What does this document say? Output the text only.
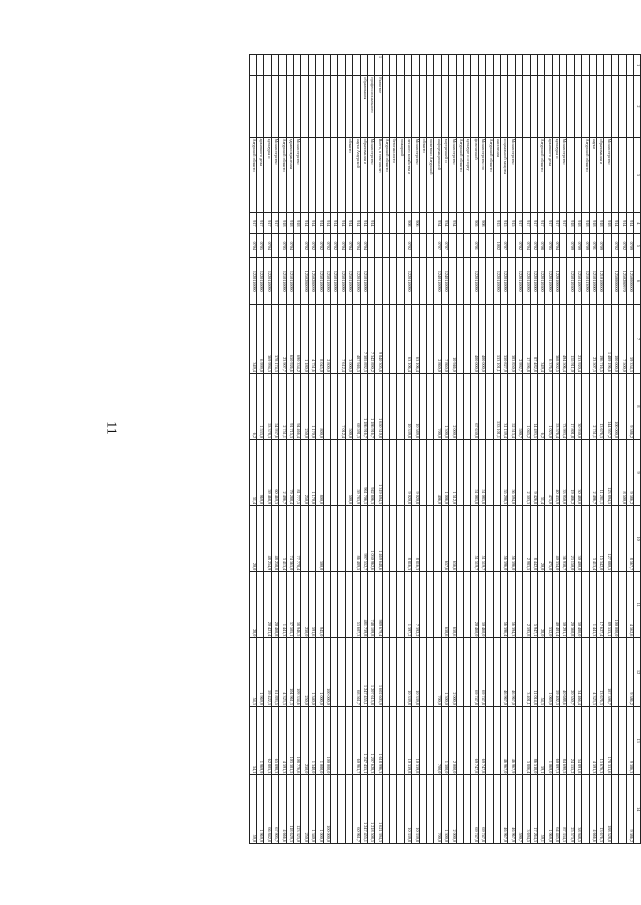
11
1	2	3	4	5	6	7	8	9	10	11	12	13	14
			914	0709	1250000000	59 334,3	9 386,2	9 386,2	8 567,7	4 562,6	9 386,2	9 386,3	9 386,2
			914	0702	1250280970	7 500,0		8 500,0					
			914	0702	1250000000	100 000,0	100 000,0			100 000,0			
		Министерство	918			1 489 196,6	144 957,2	123 894,5	127 880,5	89 553,1	187 398,7	178 331,6	188 528,8
		образования и	918	0709	1210100000	196 716,5	13 676,3	11 281,1	15 342,0	17 627,4	13 676,3	13 676,3	13 676,3
		науки	918	0701	1210110000	23 507,3	2 751,1	2 496,7	3 413,4	1 441,3	4 323,3	4 591,3	4 666,6
		Амурской области	918	0709	1210113090								
			918	0709	1250110070	233 920,4	30 930,0	30 480,0	30 400,0	30 480,0	34 466,4	34 891,8	38 948,5
			918	0709	1250110500	155 911,0	17 801,8	19 486,2	23 150,0	20 360,8	20 350,7	24 155,2	25 573,9
		Министерство	917			494 506,4	73 993,4	33 950,0	36 938,7	30 291,1	40 688,6	84 690,5	87 334,3
		культуры и	917	0704	1220100000	368 902,5	53 576,4	40 435,9	40 334,0	40 401,4	59 402,3	60 897,3	64 445,8
		архивного дела	917	0705	1220110090	6 376,0	1 025,0	475,0	475,0	532,0	1 069,0	1 069,0	1 069,0
		Амурской области	917	0708	1220110500	349,4	6,2	31,4	20,0	28,0	54,3	59,1	59,1
			917	0702	1220110000	87 482,8	14 493,5	9 426,8	8 442,8	5 947,1	11 014,8	86 518,0	17 264,3
			917	0704	1220110090	17 596,8	1 045,2	2 303,3	2 983,5	2 595,8	3 401,1	3 806,4	3 694,5
			917	0702	1220110090	2 992,7	590,7						590,7
		Министерство	915			383 850,0	52 513,4	56 594,0	56 396,0	56 394,3	46 967,0	46 967,9	46 967,9
		социальной защиты	915	0707	1220110090	350 827,9	31 139,4	55 298,3	56 396,0	56 396,4	46 967,0	46 967,0	46 967,0
		населения	915	1002	1220110090	533 101,1	533 101,1						
		Амурской области											
		Министерство по	908			400 000,0		51 085,8	51 519,7	30 460,0	69 747,8	69 747,8	69 747,8
		физической	905	0701	1220110090	400 000,0	67 630,8	51 085,8	51 519,7	20 460,0	69 747,8	69 747,8	69 747,8
		культуре и спорту											
		Амурской области											
		Министерство	934			10 946,0	2 000,0	1 512,0	656,6	658,6	2 000,0	2 000,0	2 000,0
		внутренней и	934	0707	1240110090	7 860,0	1 300,0	1 006,0	657,6	658,6	1 300,0	1 300,0	1 300,0
		информационной	934	0707	1240110090	2 860,0	700,0	406,0			700,0	700,0	700,0
		политики Амурской											
		области											
		Министерство	906			63 106,4	10 389,8	9 020,8	8 816,3	7 392,2	10 339,8	10 339,8	10 339,8
		лесного хозяйства и	908	0702	1220110090	63 106,4	10 339,8	9 020,8	8 816,3	1 397,2	10 339,8	10 339,8	10 339,8
		пожарной											
		безопасности											
		Амурской области											
1	Развитие	Всего, в том числе:				9 840 305,8	1 650 310,8	1 319 694,3	1 469 648,6	989 679,4	1 602 603,9	1 618 996,3	1 621 394,3
	профессионального	Министерство	914			7 342 890,2	1 186 916,7	942 806,3	1 030 962,6	748 109,8	1 207 615,8	1 207 628,3	1 218 508,5
	образования	образования и	914	0704	1210110090	7 305 892,3	1 186 916,7	961 706,1	997 552,7	481 739,8	1 247 455,1	1 247 455,1	1 247 455,1
		науки Амурской	914	0704	1220110090	487 946,3	69 591,3	59 783,9	86 489,5	53 607,3	68 561,7	60 961,7	60 961,7
		области	914	0704	1250110090	3 000,0	500,0	500,0					
			914	0704	1250110090	7 612,4	7 012,4						
			914	0702	1250110090								
			914	0702	1250110090	2 800,0					100 000,0	100 000,0	100 000,0
			914	0702	1250110090	8 045,0	800,0	800,0	300,0	945,0	1 000,0	1 000,0	1 000,0
			914	0702	1250280090	4 751,6	1 170,0	1 170,0		591,6	1 340,0	1 340,0	1 340,0
			914	0702	1250280090	1 180,0	250,0	250,0		250,0	250,0	250,0	250,0
		Министерство	918			690 334,2	94 466,4	81 777,5	77 778,4	38 946,5	109 334,6	108 776,6	123 323,0
		здравоохранения	918	0704	1210110090	650 926,6	91 715,3	79 288,4	74 365,0	37 505,1	104 961,3	103 381,5	118 629,3
		Амурской области	918	0705	1210110090	23 907,7	2 751,1	2 496,7	3 413,4	1 441,3	4 323,3	4 591,3	4 666,6
		Министерство	917			378 174,3	54 937,6	60 469,3	48 258,8	20 468,8	61 893,5	65 898,3	67 905,7
		культуры и	917	0704	1220110090	369 994,3	53 378,3	59 468,9	48 254,9	20 421,4	59 422,3	62 803,3	66 842,8
		архивного дела	917	0705	1220110090	6 999,0	1 533,0	969,0			1 969,9	1 969,9	1 969,9
		Амурской области	917	0704	1220110090	349,4	6,2	31,4	20,0	28,0	54,3	54,1	59,0
